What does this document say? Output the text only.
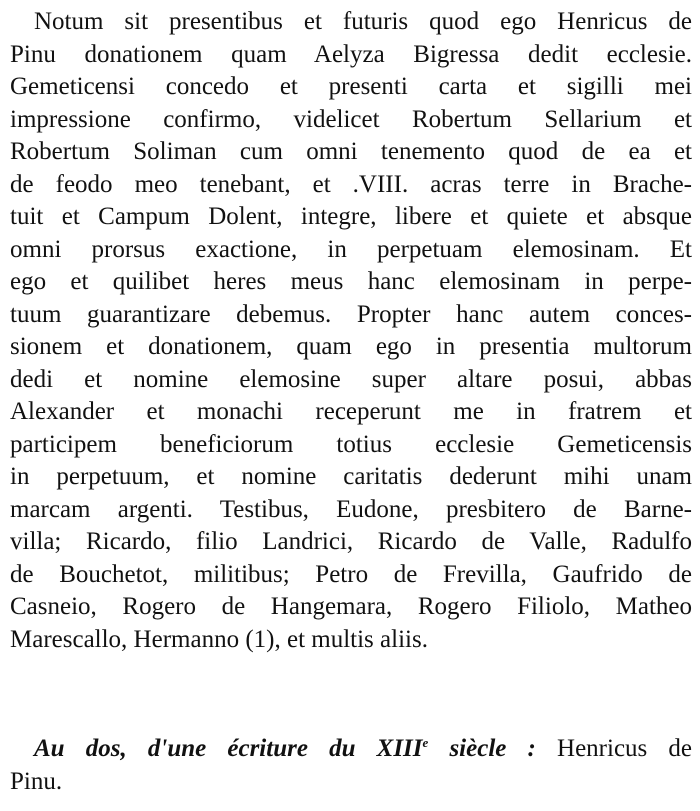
Notum sit presentibus et futuris quod ego Henricus de
Pinu donationem quam Aelyza Bigressa dedit ecclesie.
Gemeticensi concedo et presenti carta et sigilli mei
impressione confirmo, videlicet Robertum Sellarium et
Robertum Soliman cum omni tenemento quod de ea et
de feodo meo tenebant, et .VIII. acras terre in Brache-
tuit et Campum Dolent, integre, libere et quiete et absque
omni prorsus exactione, in perpetuam elemosinam. Et
ego et quilibet heres meus hanc elemosinam in perpe-
tuum guarantizare debemus. Propter hanc autem conces-
sionem et donationem, quam ego in presentia multorum
dedi et nomine elemosine super altare posui, abbas
Alexander et monachi receperunt me in fratrem et
participem beneficiorum totius ecclesie Gemeticensis
in perpetuum, et nomine caritatis dederunt mihi unam
marcam argenti. Testibus, Eudone, presbitero de Barne-
villa; Ricardo, filio Landrici, Ricardo de Valle, Radulfo
de Bouchetot, militibus; Petro de Frevilla, Gaufrido de
Casneio, Rogero de Hangemara, Rogero Filiolo, Matheo
Marescallo, Hermanno (1), et multis aliis.
Au dos, d'une écriture du XIIIe siècle : Henricus de
Pinu.
